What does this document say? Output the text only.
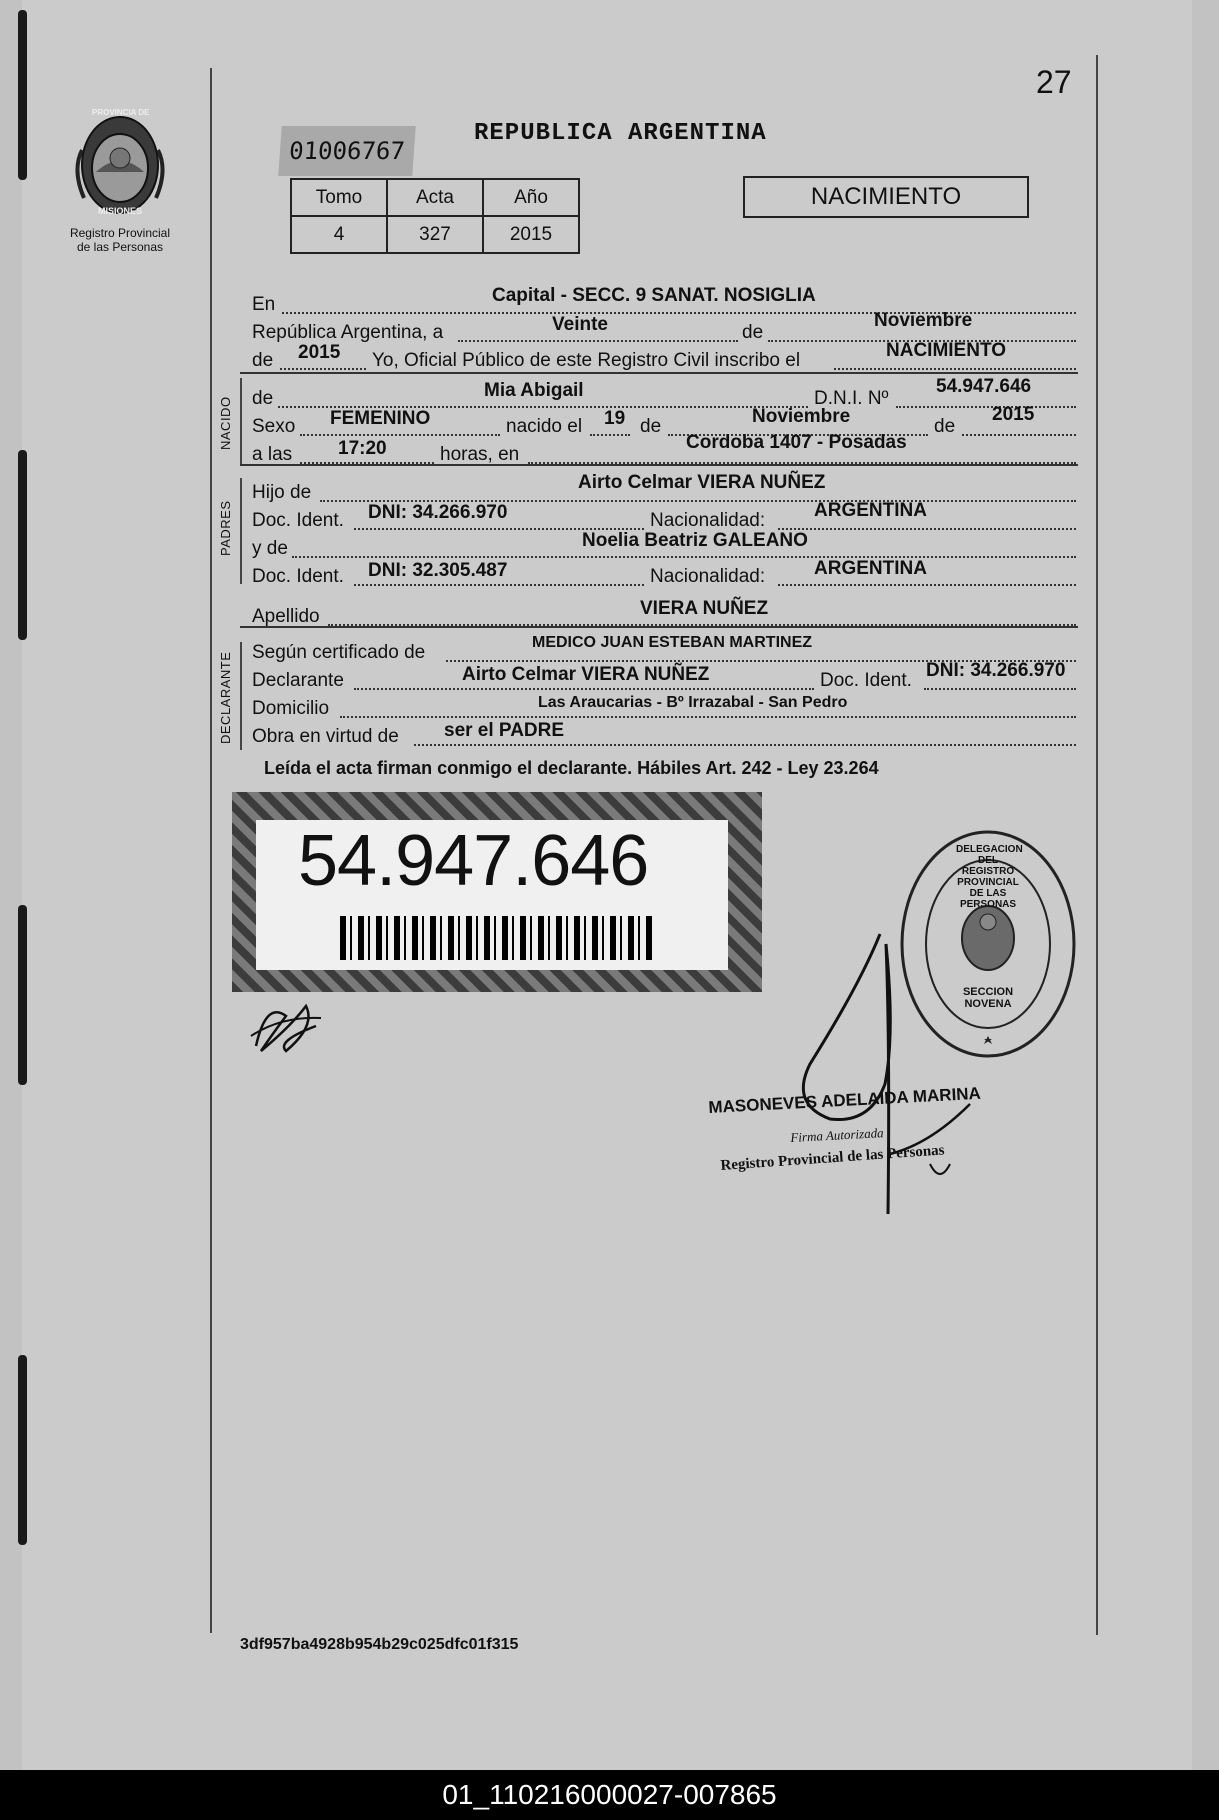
27
PROVINCIA DE
MISIONES
Registro Provincial
de las Personas
01006767
REPUBLICA ARGENTINA
Tomo	Acta	Año
4	327	2015
NACIMIENTO
En	Capital - SECC. 9 SANAT. NOSIGLIA
República Argentina, a	Veinte	de
Noviembre
de 2015 Yo, Oficial Público de este Registro Civil inscribo el	NACIMIENTO
NACIDO de	Mia Abigail	D.N.I. Nº
54.947.646
Sexo FEMENINO	nacido el 19 de	Noviembre	de
2015
a las 17:20	horas, en
Cordoba 1407 - Posadas
PADRES
Hijo de	Airto Celmar VIERA NUÑEZ
Doc. Ident. DNI: 34.266.970	Nacionalidad:	ARGENTINA
y de	Noelia Beatriz GALEANO
Doc. Ident. DNI: 32.305.487	Nacionalidad:	ARGENTINA
Apellido	VIERA NUÑEZ
DECLARANTE Según certificado de	MEDICO JUAN ESTEBAN MARTINEZ
Declarante	Airto Celmar VIERA NUÑEZ	Doc. Ident. DNI: 34.266.970
Domicilio	Las Araucarias - Bº Irrazabal - San Pedro
Obra en virtud de ser el PADRE
Leída el acta firman conmigo el declarante. Hábiles Art. 242 - Ley 23.264
54.947.646	DELEGACION DEL REGISTRO PROVINCIAL DE LAS PERSONAS
SECCION NOVENA
MASONEVES ADELAIDA MARINA
Firma Autorizada
Registro Provincial de las Personas
3df957ba4928b954b29c025dfc01f315
01_110216000027-007865
